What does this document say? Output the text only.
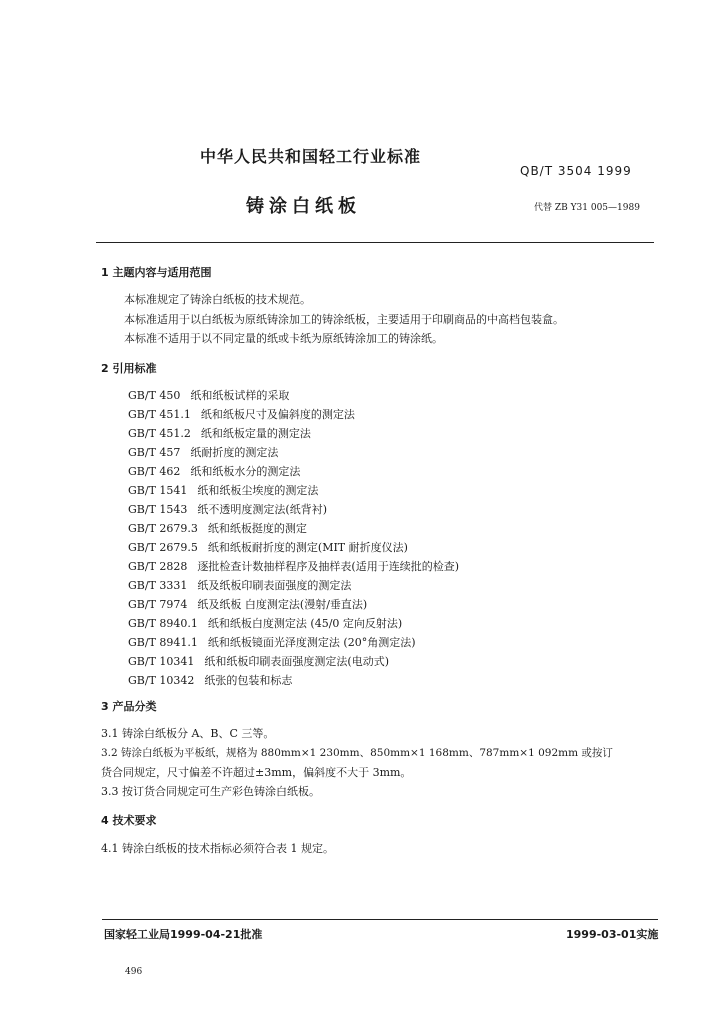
中华人民共和国轻工行业标准
QB/T 3504 1999
铸涂白纸板	代替 ZB Y31 005—1989
1 主题内容与适用范围
本标准规定了铸涂白纸板的技术规范。
本标准适用于以白纸板为原纸铸涂加工的铸涂纸板，主要适用于印刷商品的中高档包装盒。
本标准不适用于以不同定量的纸或卡纸为原纸铸涂加工的铸涂纸。
2 引用标准
GB/T 450 纸和纸板试样的采取
GB/T 451.1 纸和纸板尺寸及偏斜度的测定法
GB/T 451.2 纸和纸板定量的测定法
GB/T 457 纸耐折度的测定法
GB/T 462 纸和纸板水分的测定法
GB/T 1541 纸和纸板尘埃度的测定法
GB/T 1543 纸不透明度测定法(纸背衬)
GB/T 2679.3 纸和纸板挺度的测定
GB/T 2679.5 纸和纸板耐折度的测定(MIT 耐折度仪法)
GB/T 2828 逐批检查计数抽样程序及抽样表(适用于连续批的检查)
GB/T 3331 纸及纸板印刷表面强度的测定法
GB/T 7974 纸及纸板 白度测定法(漫射/垂直法)
GB/T 8940.1 纸和纸板白度测定法 (45/0 定向反射法)
GB/T 8941.1 纸和纸板镜面光泽度测定法 (20°角测定法)
GB/T 10341 纸和纸板印刷表面强度测定法(电动式)
GB/T 10342 纸张的包装和标志
3 产品分类
3.1 铸涂白纸板分 A、B、C 三等。
3.2 铸涂白纸板为平板纸，规格为 880mm×1 230mm、850mm×1 168mm、787mm×1 092mm 或按订
货合同规定，尺寸偏差不许超过±3mm，偏斜度不大于 3mm。
3.3 按订货合同规定可生产彩色铸涂白纸板。
4 技术要求
4.1 铸涂白纸板的技术指标必须符合表 1 规定。
国家轻工业局1999-04-21批准	1999-03-01实施
496
